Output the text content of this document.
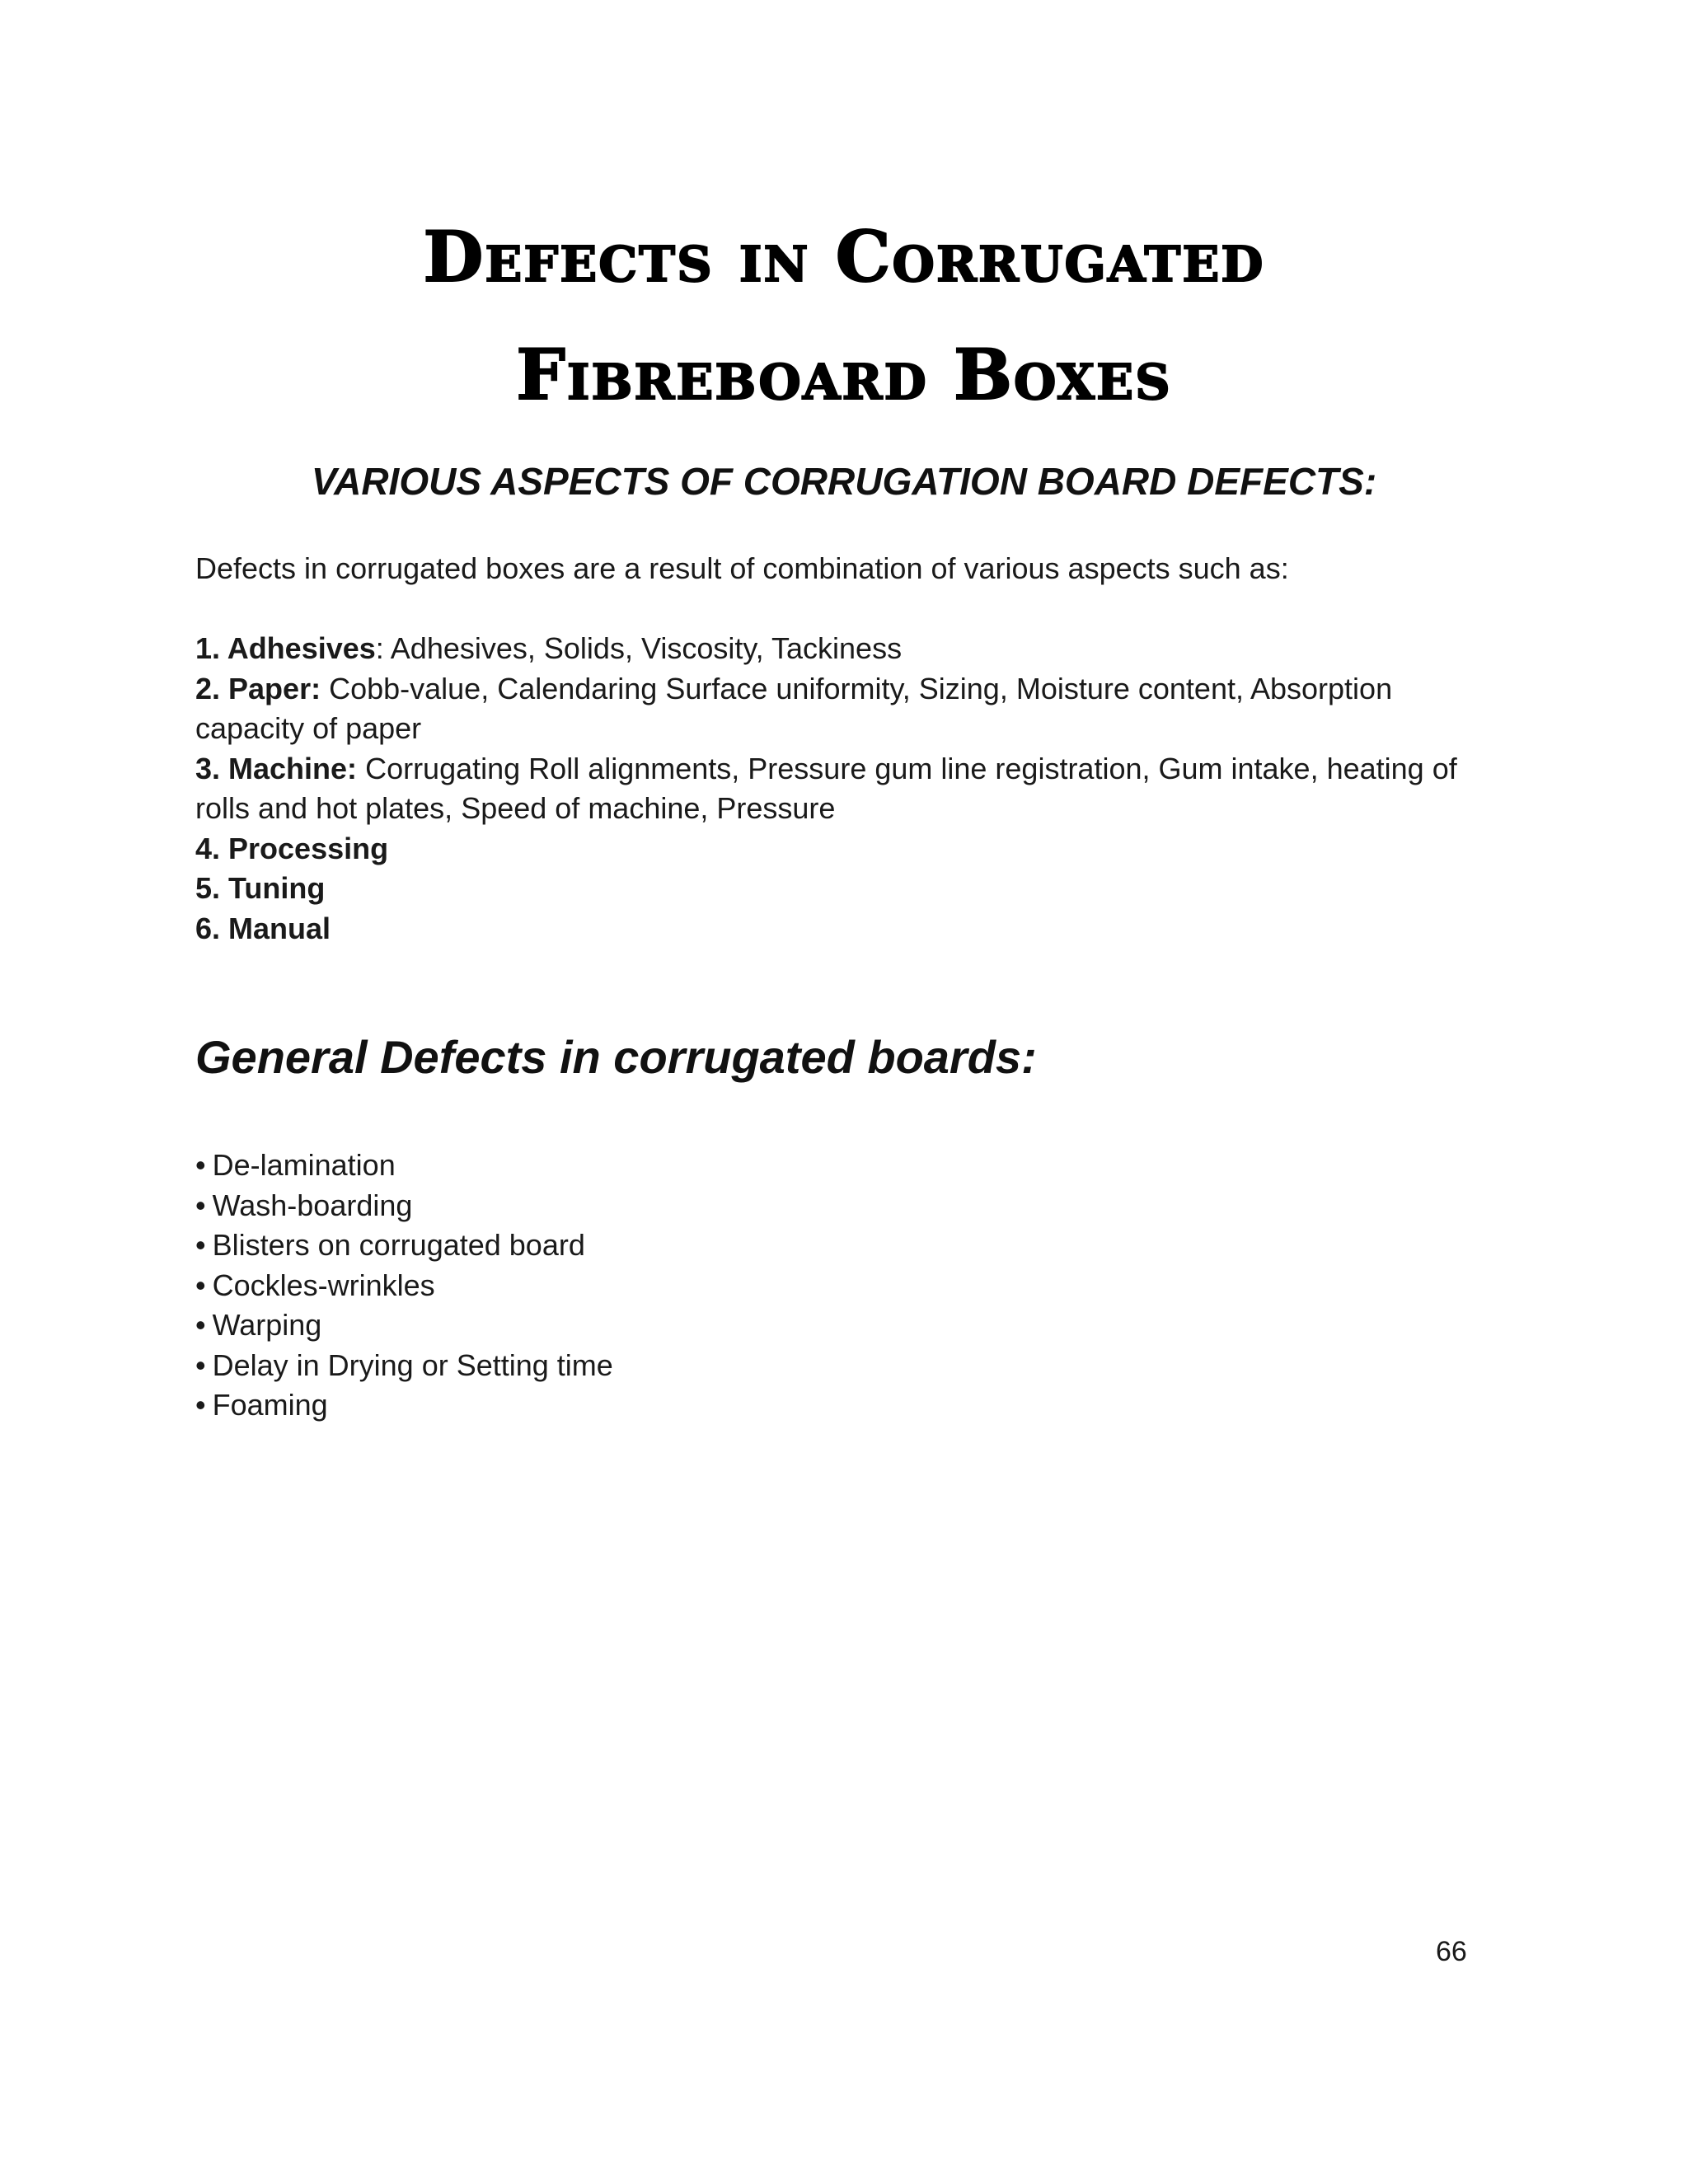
Defects in Corrugated
Fibreboard Boxes
VARIOUS ASPECTS OF CORRUGATION BOARD DEFECTS:
Defects in corrugated boxes are a result of combination of various aspects such as:
1. Adhesives: Adhesives, Solids, Viscosity, Tackiness
2. Paper: Cobb-value, Calendaring Surface uniformity, Sizing, Moisture content, Absorption capacity of paper
3. Machine: Corrugating Roll alignments, Pressure gum line registration, Gum intake, heating of rolls and hot plates, Speed of machine, Pressure
4. Processing
5. Tuning
6. Manual
General Defects in corrugated boards:
• De-lamination
• Wash-boarding
• Blisters on corrugated board
• Cockles-wrinkles
• Warping
• Delay in Drying or Setting time
• Foaming
66
